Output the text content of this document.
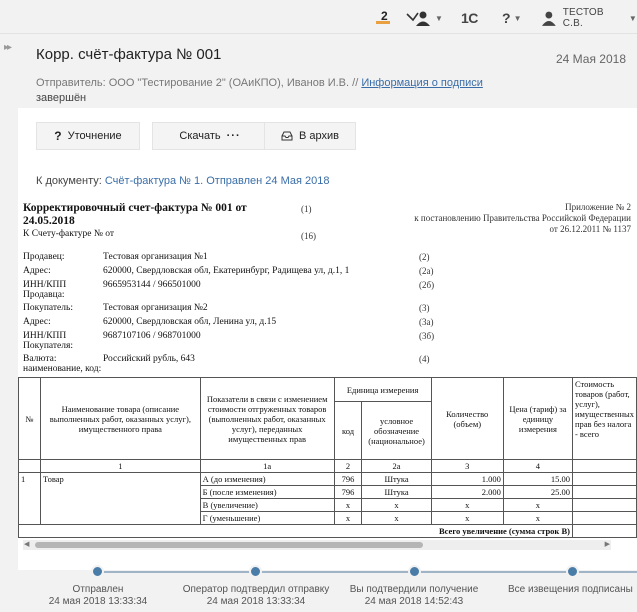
2	▼ 1С ? ▼	ТЕСТОВ С.В.	▼
▸▸ Корр. счёт-фактура № 001	24 Мая 2018
Отправитель: ООО "Тестирование 2" (ОАиКПО), Иванов И.В. // Информация о подписи
завершён
? Уточнение	Скачать ···	В архив
К документу: Счёт-фактура № 1. Отправлен 24 Мая 2018
Корректировочный счет-фактура № 001 от
24.05.2018
(1)
К Счету-фактуре № от	(16)
Приложение № 2
к постановлению Правительства Российской Федерации
от 26.12.2011 № 1137
Продавец:	Тестовая организация №1	(2)
Адрес:	620000, Свердловская обл, Екатеринбург, Радищева ул, д.1, 1	(2а)
ИНН/КПП
Продавца:
9665953144 / 966501000	(2б)
Покупатель:	Тестовая организация №2	(3)
Адрес:	620000, Свердловская обл, Ленина ул, д.15	(3а)
ИНН/КПП
Покупателя:
9687107106 / 968701000	(3б)
Валюта:
наименование, код:
Российский рубль, 643	(4)
№	Наименование товара (описание выполненных работ, оказанных услуг), имущественного права	Показатели в связи с изменением стоимости отгруженных товаров (выполненных работ, оказанных услуг), переданных имущественных прав	Единица измерения		Количество (объем)	Цена (тариф) за единицу измерения	Стоимость товаров (работ, услуг), имущественных прав без налога - всего
			код	условное обозначение (национальное)			
	1	1а	2	2а	3	4	
1	Товар	А (до изменения)	796	Штука	1.000	15.00	
		Б (после изменения)	796	Штука	2.000	25.00	
		В (увеличение)	х	х	х	х	
		Г (уменьшение)	х	х	х	х	
Всего увеличение (сумма строк В)							
◀	▶
Отправлен
24 мая 2018 13:33:34
Оператор подтвердил отправку
24 мая 2018 13:33:34
Вы подтвердили получение
24 мая 2018 14:52:43
Все извещения подписаны
